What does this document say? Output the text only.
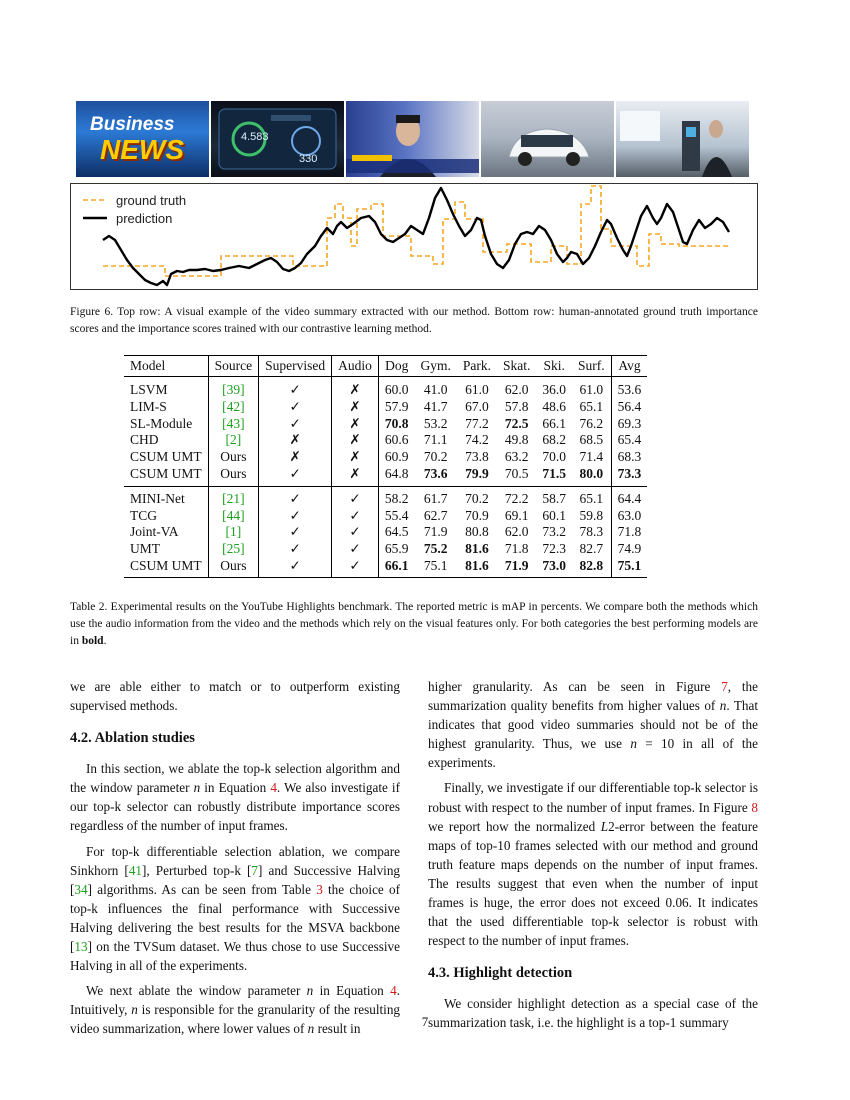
Business
NEWS	4.583
330
ground truth
prediction
Figure 6. Top row: A visual example of the video summary extracted with our method. Bottom row: human-annotated ground truth importance scores and the importance scores trained with our contrastive learning method.
Model	Source	Supervised	Audio	Dog	Gym.	Park.	Skat.	Ski.	Surf.	Avg
LSVM	[39]	✓	✗	60.0	41.0	61.0	62.0	36.0	61.0	53.6
LIM-S	[42]	✓	✗	57.9	41.7	67.0	57.8	48.6	65.1	56.4
SL-Module	[43]	✓	✗	70.8	53.2	77.2	72.5	66.1	76.2	69.3
CHD	[2]	✗	✗	60.6	71.1	74.2	49.8	68.2	68.5	65.4
CSUM UMT	Ours	✗	✗	60.9	70.2	73.8	63.2	70.0	71.4	68.3
CSUM UMT	Ours	✓	✗	64.8	73.6	79.9	70.5	71.5	80.0	73.3
MINI-Net	[21]	✓	✓	58.2	61.7	70.2	72.2	58.7	65.1	64.4
TCG	[44]	✓	✓	55.4	62.7	70.9	69.1	60.1	59.8	63.0
Joint-VA	[1]	✓	✓	64.5	71.9	80.8	62.0	73.2	78.3	71.8
UMT	[25]	✓	✓	65.9	75.2	81.6	71.8	72.3	82.7	74.9
CSUM UMT	Ours	✓	✓	66.1	75.1	81.6	71.9	73.0	82.8	75.1
Table 2. Experimental results on the YouTube Highlights benchmark. The reported metric is mAP in percents. We compare both the methods which use the audio information from the video and the methods which rely on the visual features only. For both categories the best performing models are in bold.

we are able either to match or to outperform existing supervised methods.

4.2. Ablation studies

In this section, we ablate the top-k selection algorithm and the window parameter n in Equation 4. We also investigate if our top-k selector can robustly distribute importance scores regardless of the number of input frames.

For top-k differentiable selection ablation, we compare Sinkhorn [41], Perturbed top-k [7] and Successive Halving [34] algorithms. As can be seen from Table 3 the choice of top-k influences the final performance with Successive Halving delivering the best results for the MSVA backbone [13] on the TVSum dataset. We thus chose to use Successive Halving in all of the experiments.

We next ablate the window parameter n in Equation 4. Intuitively, n is responsible for the granularity of the resulting video summarization, where lower values of n result in

higher granularity. As can be seen in Figure 7, the summarization quality benefits from higher values of n. That indicates that good video summaries should not be of the highest granularity. Thus, we use n = 10 in all of the experiments.

Finally, we investigate if our differentiable top-k selector is robust with respect to the number of input frames. In Figure 8 we report how the normalized L2-error between the feature maps of top-10 frames selected with our method and ground truth feature maps depends on the number of input frames. The results suggest that even when the number of input frames is huge, the error does not exceed 0.06. It indicates that the used differentiable top-k selector is robust with respect to the number of input frames.

4.3. Highlight detection

We consider highlight detection as a special case of the summarization task, i.e. the highlight is a top-1 summary

7
